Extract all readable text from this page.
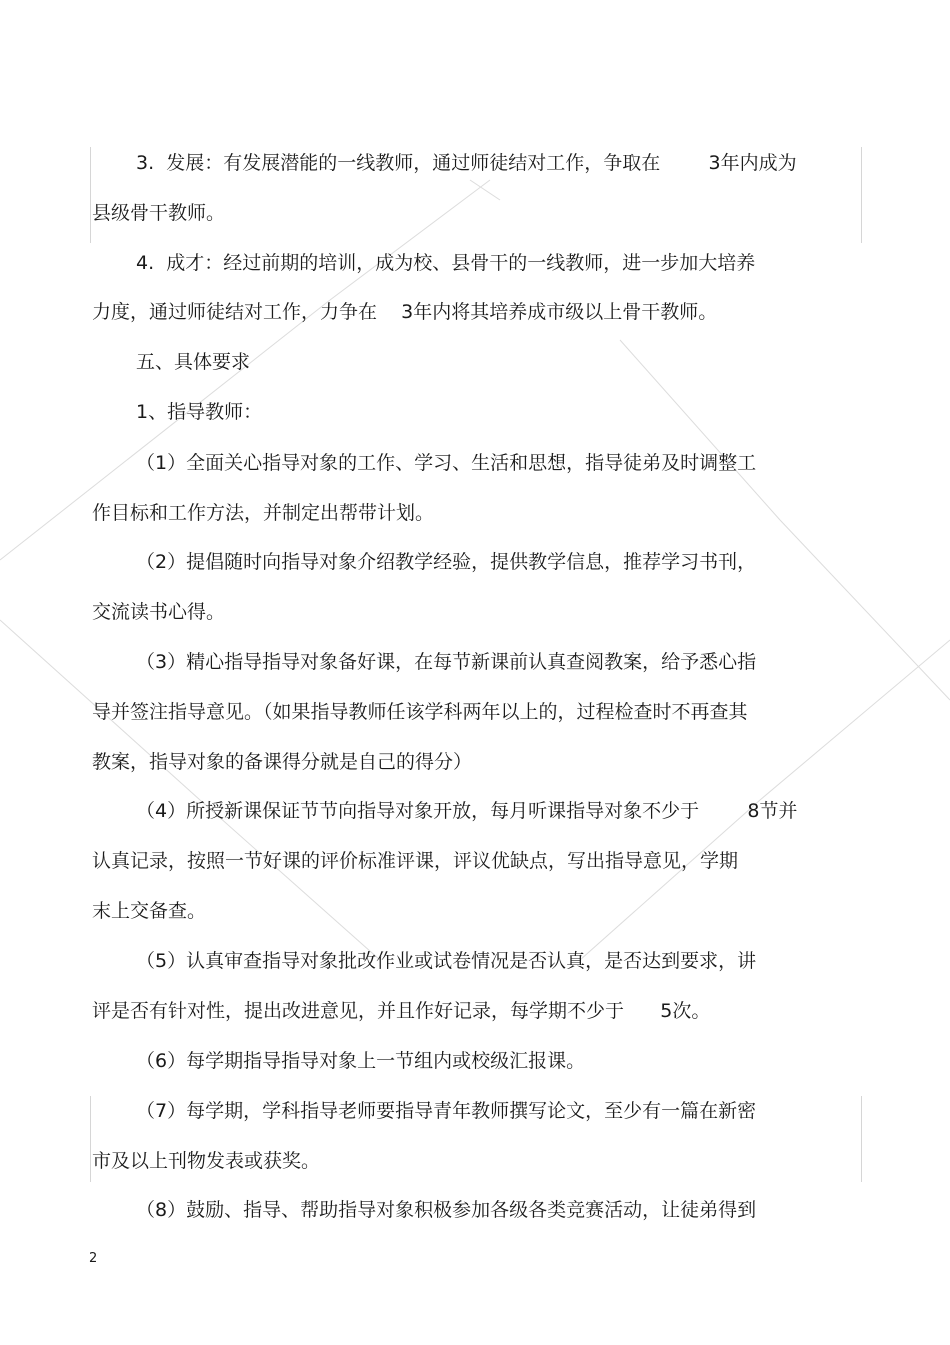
3.  发展：有发展潜能的一线教师，通过师徒结对工作，争取在        3年内成为
县级骨干教师。
4.  成才：经过前期的培训，成为校、县骨干的一线教师，进一步加大培养
力度，通过师徒结对工作，力争在    3年内将其培养成市级以上骨干教师。
五、具体要求
1、指导教师：
（1）全面关心指导对象的工作、学习、生活和思想，指导徒弟及时调整工
作目标和工作方法，并制定出帮带计划。
（2）提倡随时向指导对象介绍教学经验，提供教学信息，推荐学习书刊，
交流读书心得。
（3）精心指导指导对象备好课，在每节新课前认真查阅教案，给予悉心指
导并签注指导意见。（如果指导教师任该学科两年以上的，过程检查时不再查其
教案，指导对象的备课得分就是自己的得分）
（4）所授新课保证节节向指导对象开放，每月听课指导对象不少于        8节并
认真记录，按照一节好课的评价标准评课，评议优缺点，写出指导意见，学期
末上交备查。
（5）认真审查指导对象批改作业或试卷情况是否认真，是否达到要求，讲
评是否有针对性，提出改进意见，并且作好记录，每学期不少于      5次。
（6）每学期指导指导对象上一节组内或校级汇报课。
（7）每学期，学科指导老师要指导青年教师撰写论文，至少有一篇在新密
市及以上刊物发表或获奖。
（8）鼓励、指导、帮助指导对象积极参加各级各类竞赛活动，让徒弟得到
2
